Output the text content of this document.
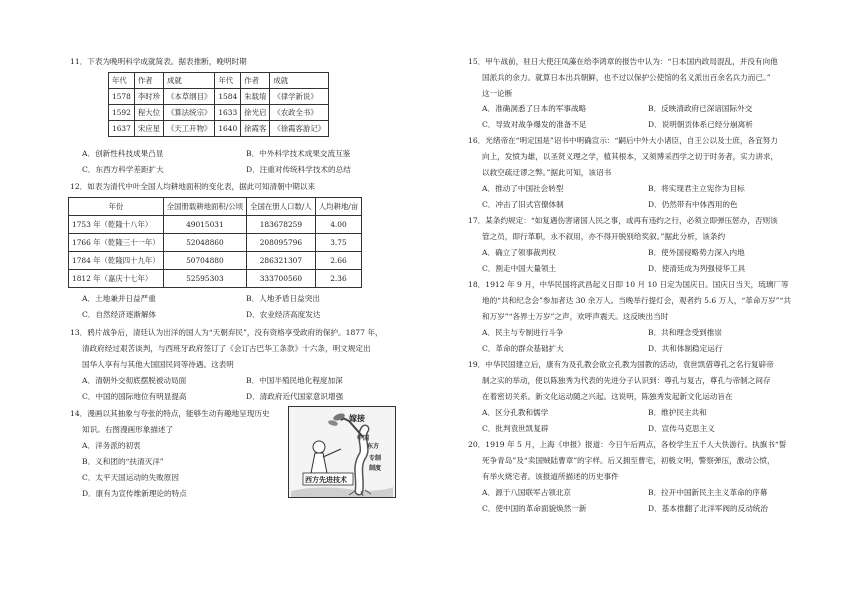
11．下表为晚明科学成就简表。据表推断，晚明时期
年代	作者	成就	年代	作者	成就
1578	李时珍	《本草纲目》	1584	朱载堉	《律学新说》
1592	程大位	《算法统宗》	1633	徐光启	《农政全书》
1637	宋应星	《天工开物》	1640	徐霞客	《徐霞客游记》
A．创新性科技成果凸显	B．中外科学技术成果交流互鉴
C．东西方科学差距扩大	D．注重对传统科学技术的总结
12．如表为清代中叶全国人均耕地面积的变化表，据此可知清朝中期以来
年份	全国册载耕地面积/公顷	全国在册人口数/人	人均耕地/亩
1753 年（乾隆十八年）	49015031	183678259	4.00
1766 年（乾隆三十一年）	52048860	208095796	3.75
1784 年（乾隆四十九年）	50704880	286321307	2.66
1812 年（嘉庆十七年）	52595303	333700560	2.36
A．土地兼并日益严重	B．人地矛盾日益突出
C．自然经济逐渐解体	D．农业经济高度发达
13．鸦片战争后，清廷认为出洋的国人为“天朝弃民”，没有资格享受政府的保护。1877 年，
清政府经过艰苦谈判，与西班牙政府签订了《会订古巴华工条款》十六条，明文规定出
国华人享有与其他大国国民同等待遇。这表明
A．清朝外交彻底摆脱被动局面	B．中国半殖民地化程度加深
C．中国的国际地位有明显提高	D．清政府近代国家意识增强
14．漫画以其抽象与夸张的特点，能够生动有趣地呈现历史
知识。右图漫画形象描述了
A．洋务派的初衷
B．义和团的“扶清灭洋”
C．太平天国运动的失败原因
D．康有为宣传维新理论的特点
嫁接
中国
东方
专制
制度
西方先进技术
15．甲午战前，驻日大使汪凤藻在给李鸿章的报告中认为：“日本国内政局混乱，并没有向他
国派兵的余力。就算日本出兵朝鲜，也不过以保护公使馆的名义派出百余名兵力而已。”
这一论断
A．准确洞悉了日本的军事战略	B．反映清政府已深谙国际外交
C．导致对战争爆发的准备不足	D．说明朝贡体系已经分崩离析
16．光绪帝在“明定国是”诏书中明确宣示：“嗣后中外大小诸臣，自王公以及士庶，各宜努力
向上，发愤为雄，以圣贤义理之学，植其根本，又须博采西学之切于时务者，实力讲求，
以救空疏迂谬之弊。”据此可知，该诏书
A．推动了中国社会转型	B．将实现君主立宪作为目标
C．冲击了旧式官僚体制	D．仍然带有中体西用的色
17．某条约规定：“如复遇伤害诸国人民之事，或再有违约之行，必须立即弹压惩办，否则该
管之员，即行革职，永不叙用，亦不得开脱别给奖叙。”据此分析，该条约
A．确立了领事裁判权	B．使外国侵略势力深入内地
C．割走中国大量领土	D．使清廷成为列强侵华工具
18．1912 年 9 月，中华民国将武昌起义日即 10 月 10 日定为国庆日。国庆日当天，琉璃厂等
地的“共和纪念会”参加者达 30 余万人。当晚举行提灯会，观者约 5.6 万人，“革命万岁”“共
和万岁”“各界士万岁”之声，欢呼声震天。这反映出当时
A．民主与专制进行斗争	B．共和理念受到推崇
C．革命的群众基础扩大	D．共和体制稳定运行
19．中华民国建立后，康有为及孔教会欲立孔教为国教的活动，袁世凯借尊孔之名行复辟帝
制之实的举动，使以陈独秀为代表的先进分子认识到：尊孔与复古，尊孔与帝制之间存
在着密切关系。新文化运动随之兴起。这说明，陈独秀发起新文化运动旨在
A．区分孔教和儒学	B．维护民主共和
C．批判袁世凯复辟	D．宣传马克思主义
20．1919 年 5 月，上海《申报》报道：今日午后两点，各校学生五千人大佚游行。执旗书“誓
死争青岛”及“卖国贼陆曹章”的字样。后又拥至曹宅，初极文明，警察弹压，激动公愤，
有举火烧宅者。该报道所描述的历史事件
A．源于八国联军占领北京	B．拉开中国新民主主义革命的序幕
C．使中国的革命面貌焕然一新	D．基本推翻了北洋军阀的反动统治
